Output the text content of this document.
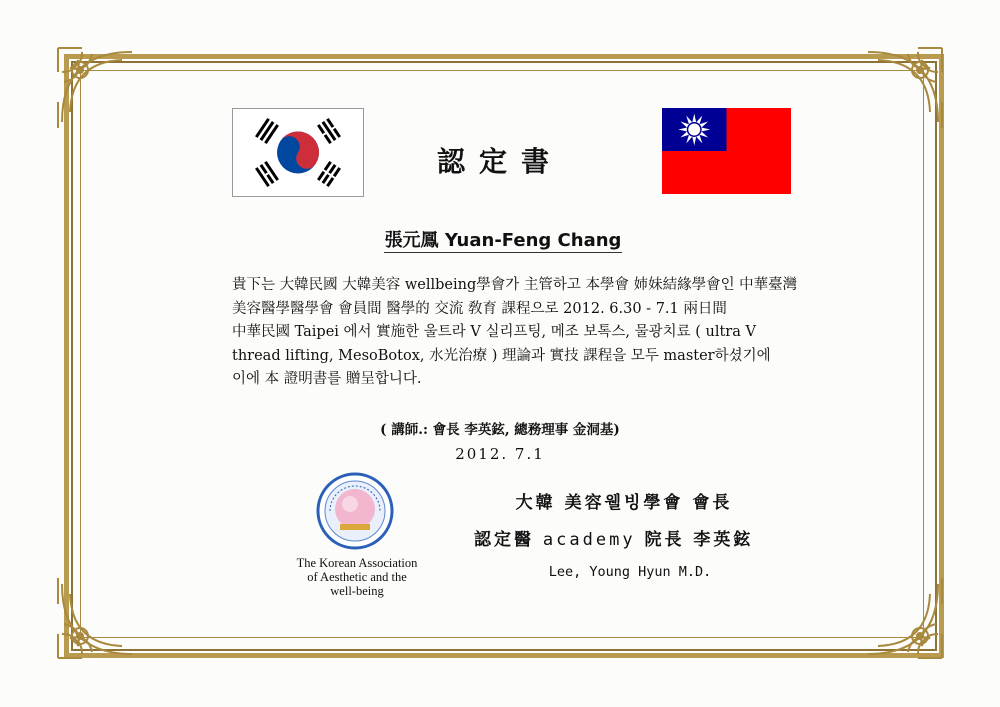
認定書
張元鳳 Yuan-Feng Chang
貴下는 大韓民國 大韓美容 wellbeing學會가 主管하고 本學會 姉妹結緣學會인 中華臺灣
美容醫學醫學會 會員間 醫學的 交流 敎育 課程으로 2012. 6.30 - 7.1 兩日間
中華民國 Taipei 에서 實施한 울트라 V 실리프팅, 메조 보톡스, 물광치료 ( ultra V
thread lifting, MesoBotox, 水光治療 ) 理論과 實技 課程을 모두 master하셨기에
이에 本 證明書를 贈呈합니다.
( 講師.: 會長 李英鉉, 總務理事 金洞基)
2012. 7.1
The Korean Association
of Aesthetic and the
well-being
大韓 美容웰빙學會 會長
認定醫 academy 院長 李英鉉
Lee, Young Hyun M.D.
